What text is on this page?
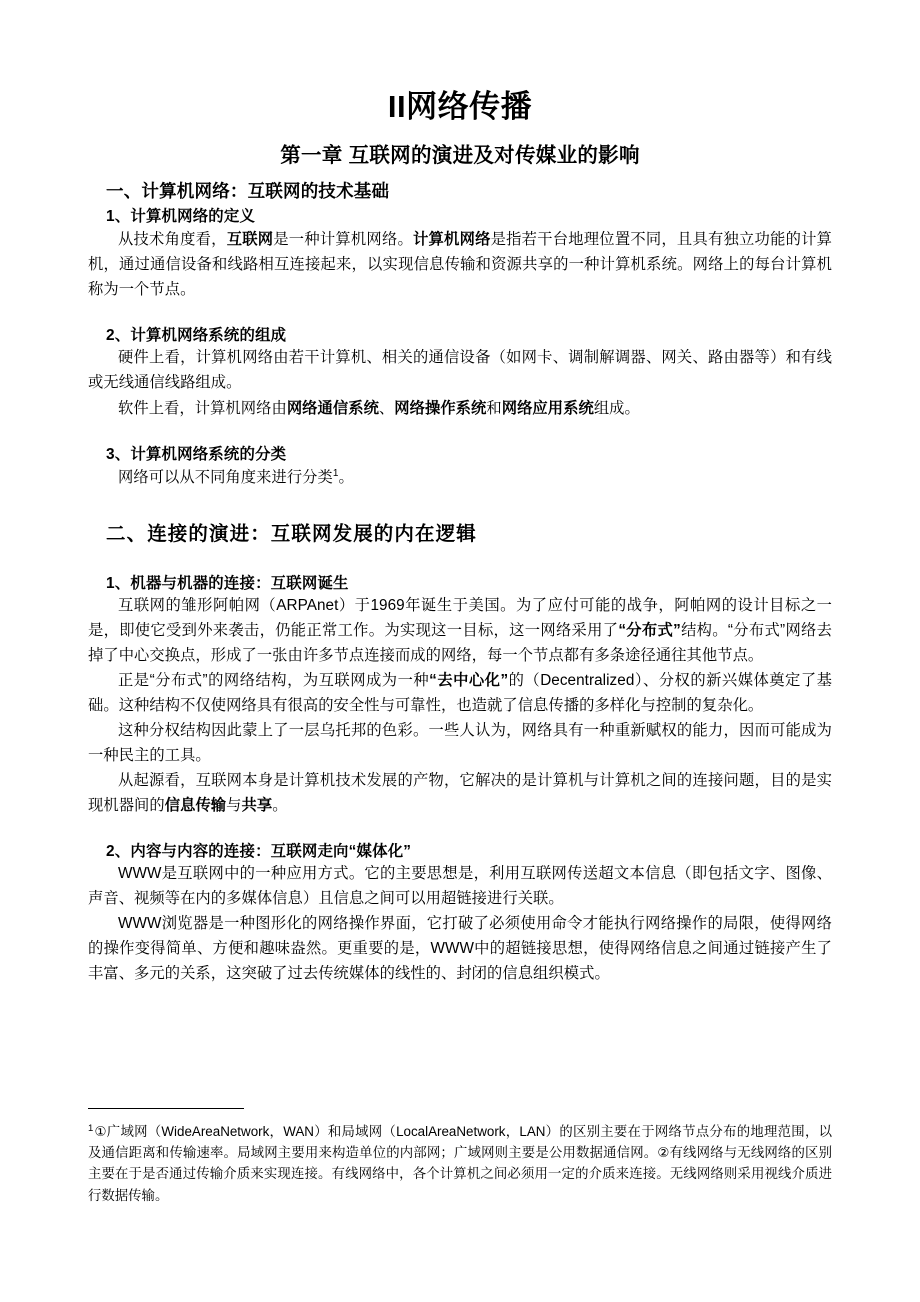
II网络传播
第一章 互联网的演进及对传媒业的影响
一、计算机网络：互联网的技术基础
1、计算机网络的定义

从技术角度看，互联网是一种计算机网络。计算机网络是指若干台地理位置不同，且具有独立功能的计算机，通过通信设备和线路相互连接起来，以实现信息传输和资源共享的一种计算机系统。网络上的每台计算机称为一个节点。

2、计算机网络系统的组成

硬件上看，计算机网络由若干计算机、相关的通信设备（如网卡、调制解调器、网关、路由器等）和有线或无线通信线路组成。

软件上看，计算机网络由网络通信系统、网络操作系统和网络应用系统组成。

3、计算机网络系统的分类

网络可以从不同角度来进行分类$^1$。

二、连接的演进：互联网发展的内在逻辑
1、机器与机器的连接：互联网诞生

互联网的雏形阿帕网（ARPAnet）于1969年诞生于美国。为了应付可能的战争，阿帕网的设计目标之一是，即使它受到外来袭击，仍能正常工作。为实现这一目标，这一网络采用了“分布式”结构。“分布式”网络去掉了中心交换点，形成了一张由许多节点连接而成的网络，每一个节点都有多条途径通往其他节点。

正是“分布式”的网络结构，为互联网成为一种“去中心化”的（Decentralized）、分权的新兴媒体奠定了基础。这种结构不仅使网络具有很高的安全性与可靠性，也造就了信息传播的多样化与控制的复杂化。

这种分权结构因此蒙上了一层乌托邦的色彩。一些人认为，网络具有一种重新赋权的能力，因而可能成为一种民主的工具。

从起源看，互联网本身是计算机技术发展的产物，它解决的是计算机与计算机之间的连接问题，目的是实现机器间的信息传输与共享。

2、内容与内容的连接：互联网走向“媒体化”

WWW是互联网中的一种应用方式。它的主要思想是，利用互联网传送超文本信息（即包括文字、图像、声音、视频等在内的多媒体信息）且信息之间可以用超链接进行关联。

WWW浏览器是一种图形化的网络操作界面，它打破了必须使用命令才能执行网络操作的局限，使得网络的操作变得简单、方便和趣味盎然。更重要的是，WWW中的超链接思想，使得网络信息之间通过链接产生了丰富、多元的关系，这突破了过去传统媒体的线性的、封闭的信息组织模式。

$^1$①广域网（WideAreaNetwork，WAN）和局域网（LocalAreaNetwork，LAN）的区别主要在于网络节点分布的地理范围，以及通信距离和传输速率。局域网主要用来构造单位的内部网；广域网则主要是公用数据通信网。②有线网络与无线网络的区别主要在于是否通过传输介质来实现连接。有线网络中，各个计算机之间必须用一定的介质来连接。无线网络则采用视线介质进行数据传输。
